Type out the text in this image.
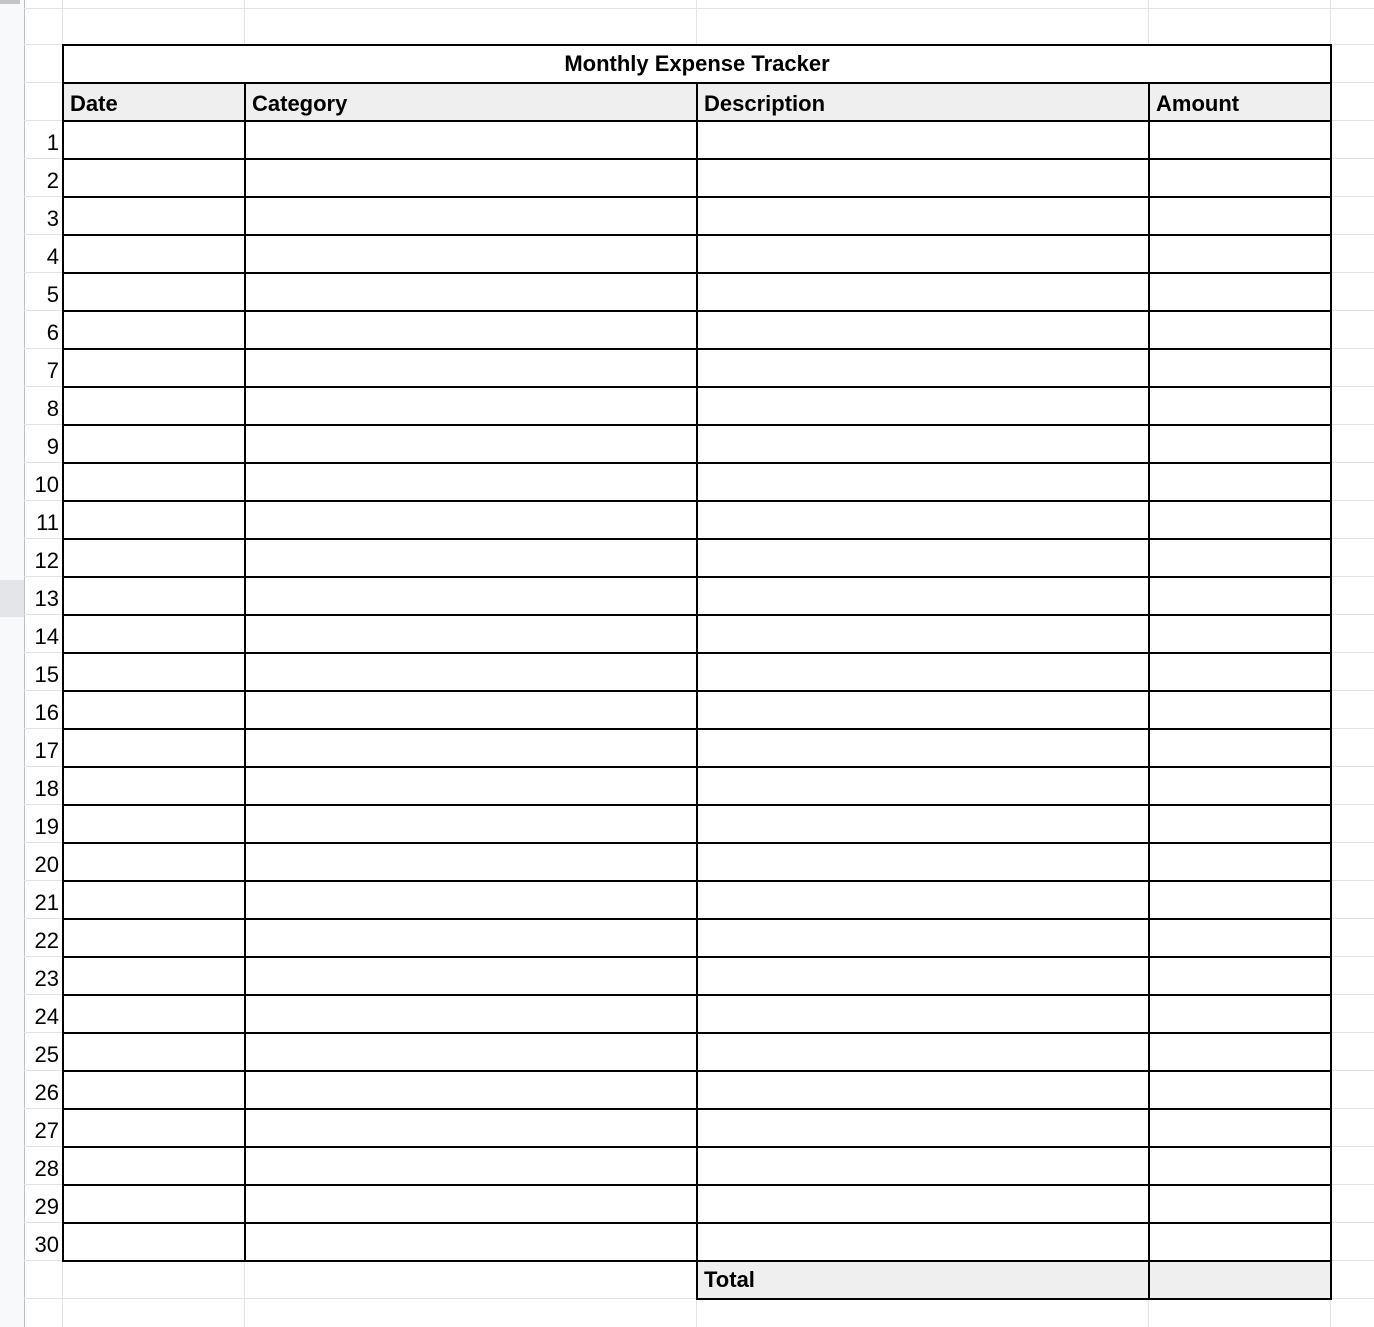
1
2
3
4
5
6
7
8
9
10
11
12
13
14
15
16
17
18
19
20
21
22
23
24
25
26
27
28
29
30
Monthly Expense Tracker			
Date	Category	Description	Amount

		Total	
